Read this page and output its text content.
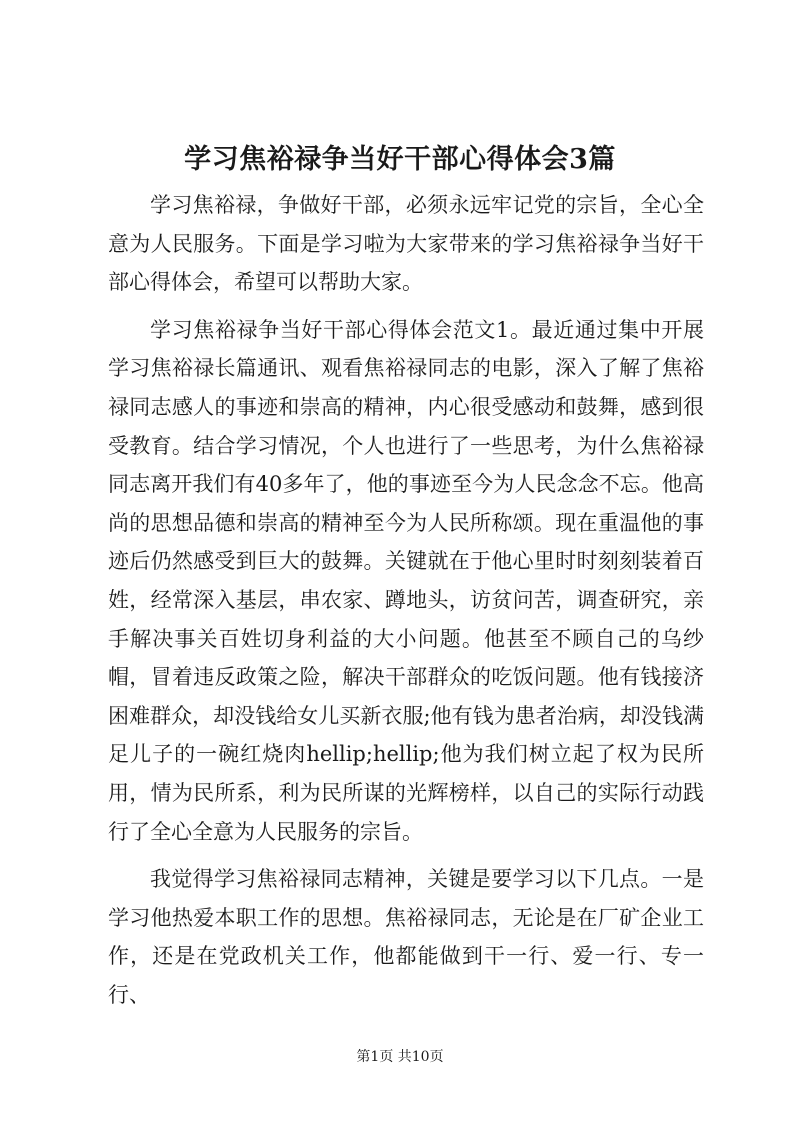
学习焦裕禄争当好干部心得体会3篇

学习焦裕禄，争做好干部，必须永远牢记党的宗旨，全心全意为人民服务。下面是学习啦为大家带来的学习焦裕禄争当好干部心得体会，希望可以帮助大家。

学习焦裕禄争当好干部心得体会范文1。最近通过集中开展学习焦裕禄长篇通讯、观看焦裕禄同志的电影，深入了解了焦裕禄同志感人的事迹和崇高的精神，内心很受感动和鼓舞，感到很受教育。结合学习情况，个人也进行了一些思考，为什么焦裕禄同志离开我们有40多年了，他的事迹至今为人民念念不忘。他高尚的思想品德和崇高的精神至今为人民所称颂。现在重温他的事迹后仍然感受到巨大的鼓舞。关键就在于他心里时时刻刻装着百姓，经常深入基层，串农家、蹲地头，访贫问苦，调查研究，亲手解决事关百姓切身利益的大小问题。他甚至不顾自己的乌纱帽，冒着违反政策之险，解决干部群众的吃饭问题。他有钱接济困难群众，却没钱给女儿买新衣服;他有钱为患者治病，却没钱满足儿子的一碗红烧肉hellip;hellip;他为我们树立起了权为民所用，情为民所系，利为民所谋的光辉榜样，以自己的实际行动践行了全心全意为人民服务的宗旨。

我觉得学习焦裕禄同志精神，关键是要学习以下几点。一是学习他热爱本职工作的思想。焦裕禄同志，无论是在厂矿企业工作，还是在党政机关工作，他都能做到干一行、爱一行、专一行、

第1页 共10页
